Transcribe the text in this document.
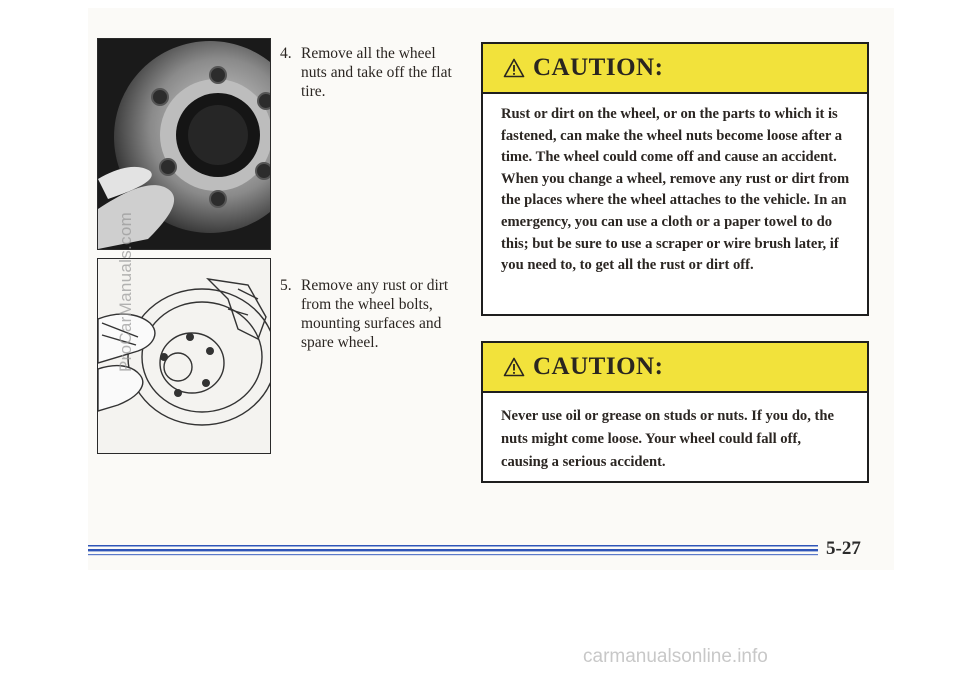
4. Remove all the wheel nuts and take off the flat tire.
5. Remove any rust or dirt from the wheel bolts, mounting surfaces and spare wheel.
CAUTION:
Rust or dirt on the wheel, or on the parts to which it is fastened, can make the wheel nuts become loose after a time. The wheel could come off and cause an accident. When you change a wheel, remove any rust or dirt from the places where the wheel attaches to the vehicle. In an emergency, you can use a cloth or a paper towel to do this; but be sure to use a scraper or wire brush later, if you need to, to get all the rust or dirt off.
CAUTION:
Never use oil or grease on studs or nuts. If you do, the nuts might come loose. Your wheel could fall off, causing a serious accident.
5-27
ProCarManuals.com
carmanualsonline.info
